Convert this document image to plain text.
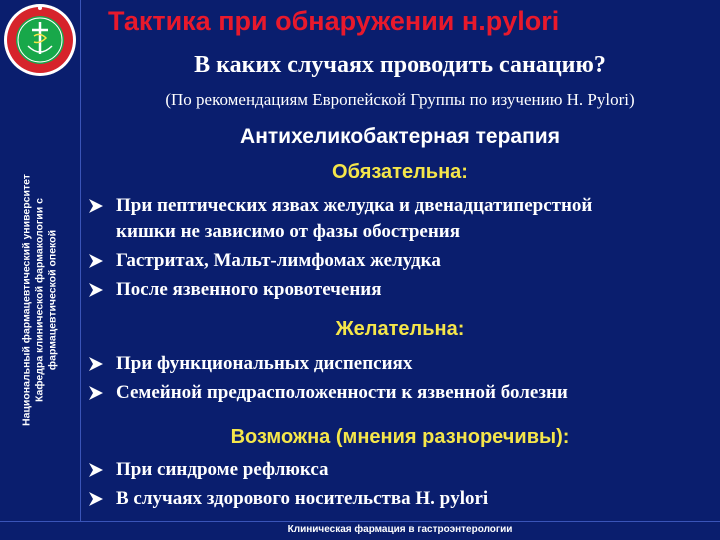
Национальный фармацевтический университет Кафедра клинической фармакологии с фармацевтической опекой
Тактика при обнаружении н.pylori
В каких случаях проводить санацию?
(По рекомендациям Европейской Группы по изучению H. Pylori)
Антихеликобактерная терапия
Обязательна:
При пептических язвах желудка и двенадцатиперстной
кишки не зависимо от фазы обострения
Гастритах, Мальт-лимфомах желудка
После язвенного кровотечения
Желательна:
При функциональных диспепсиях
Семейной предрасположенности к язвенной болезни
Возможна (мнения разноречивы):
При синдроме рефлюкса
В случаях здорового носительства H. pylori
Клиническая фармация в гастроэнтерологии
